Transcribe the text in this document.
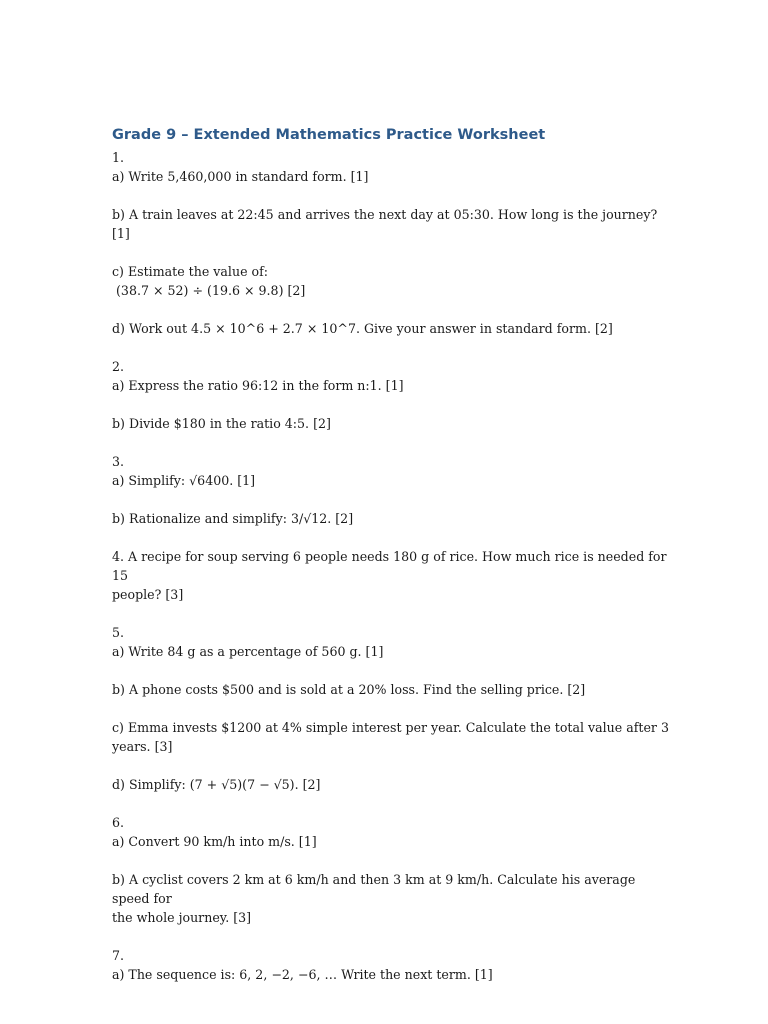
Grade 9 – Extended Mathematics Practice Worksheet
1.
a) Write 5,460,000 in standard form. [1]
b) A train leaves at 22:45 and arrives the next day at 05:30. How long is the journey? [1]
c) Estimate the value of:
(38.7 × 52) ÷ (19.6 × 9.8) [2]
d) Work out 4.5 × 10^6 + 2.7 × 10^7. Give your answer in standard form. [2]
2.
a) Express the ratio 96:12 in the form n:1. [1]
b) Divide $180 in the ratio 4:5. [2]
3.
a) Simplify: √6400. [1]
b) Rationalize and simplify: 3/√12. [2]
4. A recipe for soup serving 6 people needs 180 g of rice. How much rice is needed for 15
people? [3]
5.
a) Write 84 g as a percentage of 560 g. [1]
b) A phone costs $500 and is sold at a 20% loss. Find the selling price. [2]
c) Emma invests $1200 at 4% simple interest per year. Calculate the total value after 3
years. [3]
d) Simplify: (7 + √5)(7 − √5). [2]
6.
a) Convert 90 km/h into m/s. [1]
b) A cyclist covers 2 km at 6 km/h and then 3 km at 9 km/h. Calculate his average speed for
the whole journey. [3]
7.
a) The sequence is: 6, 2, −2, −6, … Write the next term. [1]
